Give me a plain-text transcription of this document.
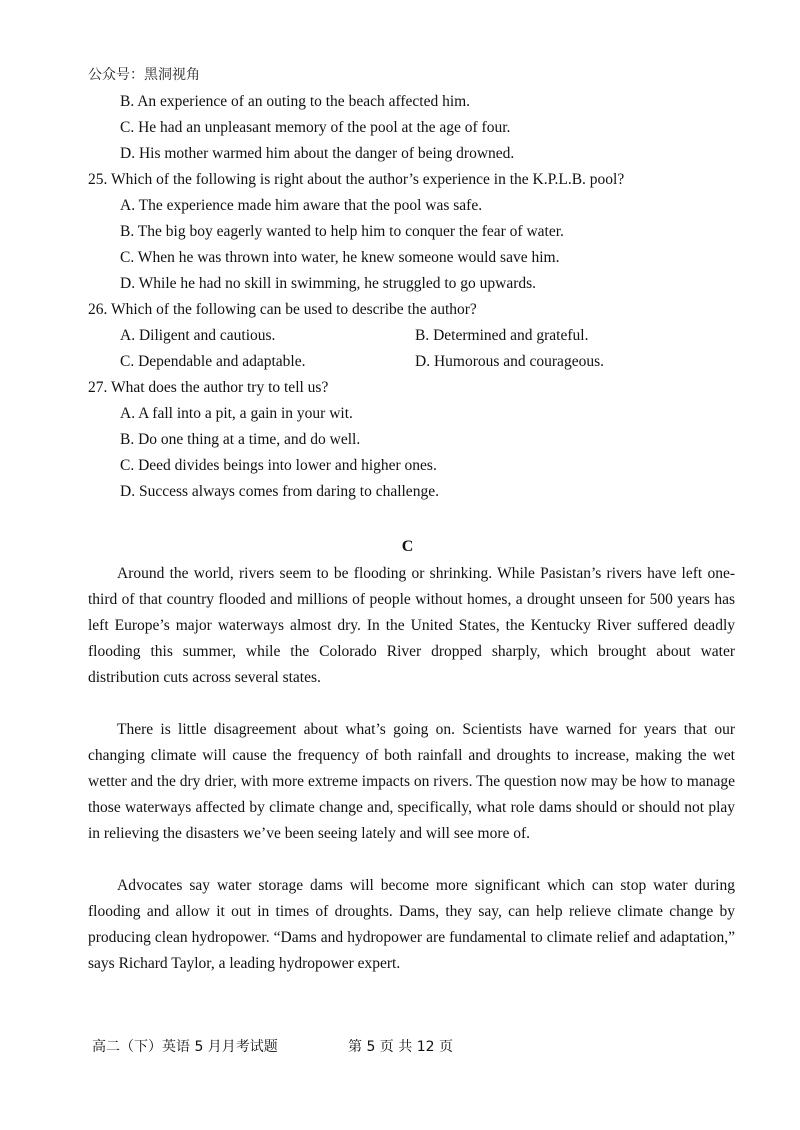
公众号：黑洞视角
B. An experience of an outing to the beach affected him.
C. He had an unpleasant memory of the pool at the age of four.
D. His mother warmed him about the danger of being drowned.
25. Which of the following is right about the author’s experience in the K.P.L.B. pool?
A. The experience made him aware that the pool was safe.
B. The big boy eagerly wanted to help him to conquer the fear of water.
C. When he was thrown into water, he knew someone would save him.
D. While he had no skill in swimming, he struggled to go upwards.
26. Which of the following can be used to describe the author?
A. Diligent and cautious.	B. Determined and grateful.
C. Dependable and adaptable.	D. Humorous and courageous.
27. What does the author try to tell us?
A. A fall into a pit, a gain in your wit.
B. Do one thing at a time, and do well.
C. Deed divides beings into lower and higher ones.
D. Success always comes from daring to challenge.
C
Around the world, rivers seem to be flooding or shrinking. While Pasistan’s rivers have left one-third of that country flooded and millions of people without homes, a drought unseen for 500 years has left Europe’s major waterways almost dry. In the United States, the Kentucky River suffered deadly flooding this summer, while the Colorado River dropped sharply, which brought about water distribution cuts across several states.
There is little disagreement about what’s going on. Scientists have warned for years that our changing climate will cause the frequency of both rainfall and droughts to increase, making the wet wetter and the dry drier, with more extreme impacts on rivers. The question now may be how to manage those waterways affected by climate change and, specifically, what role dams should or should not play in relieving the disasters we’ve been seeing lately and will see more of.
Advocates say water storage dams will become more significant which can stop water during flooding and allow it out in times of droughts. Dams, they say, can help relieve climate change by producing clean hydropower. “Dams and hydropower are fundamental to climate relief and adaptation,” says Richard Taylor, a leading hydropower expert.
高二（下）英语 5 月月考试题	第 5 页 共 12 页
